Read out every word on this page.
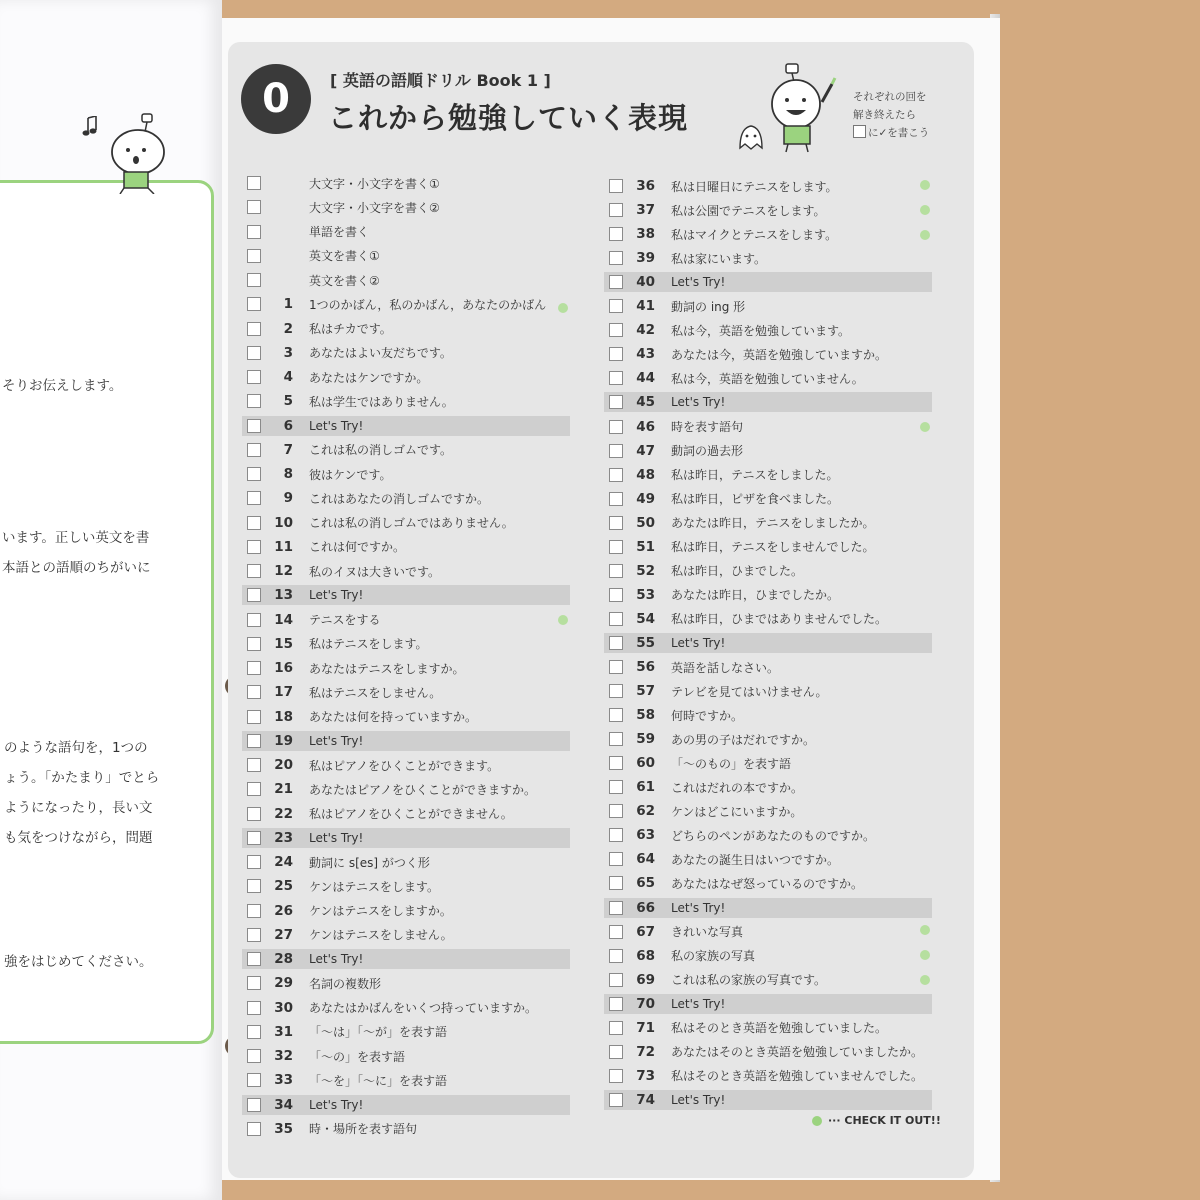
そりお伝えします。
います。正しい英文を書
本語との語順のちがいに
のような語句を，1つの
ょう。「かたまり」でとら
ようになったり，長い文
も気をつけながら，問題
強をはじめてください。
0	[ 英語の語順ドリル Book 1 ]
これから勉強していく表現
それぞれの回を
解き終えたら
に✓を書こう
大文字・小文字を書く①
大文字・小文字を書く②
単語を書く
英文を書く①
英文を書く②
1 1つのかばん，私のかばん，あなたのかばん
2 私はチカです。
3 あなたはよい友だちです。
4 あなたはケンですか。
5 私は学生ではありません。
6 Let's Try!
7 これは私の消しゴムです。
8 彼はケンです。
9 これはあなたの消しゴムですか。
10 これは私の消しゴムではありません。
11 これは何ですか。
12 私のイヌは大きいです。
13 Let's Try!
14 テニスをする
15 私はテニスをします。
16 あなたはテニスをしますか。
17 私はテニスをしません。
18 あなたは何を持っていますか。
19 Let's Try!
20 私はピアノをひくことができます。
21 あなたはピアノをひくことができますか。
22 私はピアノをひくことができません。
23 Let's Try!
24 動詞に s[es] がつく形
25 ケンはテニスをします。
26 ケンはテニスをしますか。
27 ケンはテニスをしません。
28 Let's Try!
29 名詞の複数形
30 あなたはかばんをいくつ持っていますか。
31 「～は」「～が」を表す語
32 「～の」を表す語
33 「～を」「～に」を表す語
34 Let's Try!
35 時・場所を表す語句
36 私は日曜日にテニスをします。
37 私は公園でテニスをします。
38 私はマイクとテニスをします。
39 私は家にいます。
40 Let's Try!
41 動詞の ing 形
42 私は今，英語を勉強しています。
43 あなたは今，英語を勉強していますか。
44 私は今，英語を勉強していません。
45 Let's Try!
46 時を表す語句
47 動詞の過去形
48 私は昨日，テニスをしました。
49 私は昨日，ピザを食べました。
50 あなたは昨日，テニスをしましたか。
51 私は昨日，テニスをしませんでした。
52 私は昨日，ひまでした。
53 あなたは昨日，ひまでしたか。
54 私は昨日，ひまではありませんでした。
55 Let's Try!
56 英語を話しなさい。
57 テレビを見てはいけません。
58 何時ですか。
59 あの男の子はだれですか。
60 「～のもの」を表す語
61 これはだれの本ですか。
62 ケンはどこにいますか。
63 どちらのペンがあなたのものですか。
64 あなたの誕生日はいつですか。
65 あなたはなぜ怒っているのですか。
66 Let's Try!
67 きれいな写真
68 私の家族の写真
69 これは私の家族の写真です。
70 Let's Try!
71 私はそのとき英語を勉強していました。
72 あなたはそのとき英語を勉強していましたか。
73 私はそのとき英語を勉強していませんでした。
74 Let's Try!
··· CHECK IT OUT!!
